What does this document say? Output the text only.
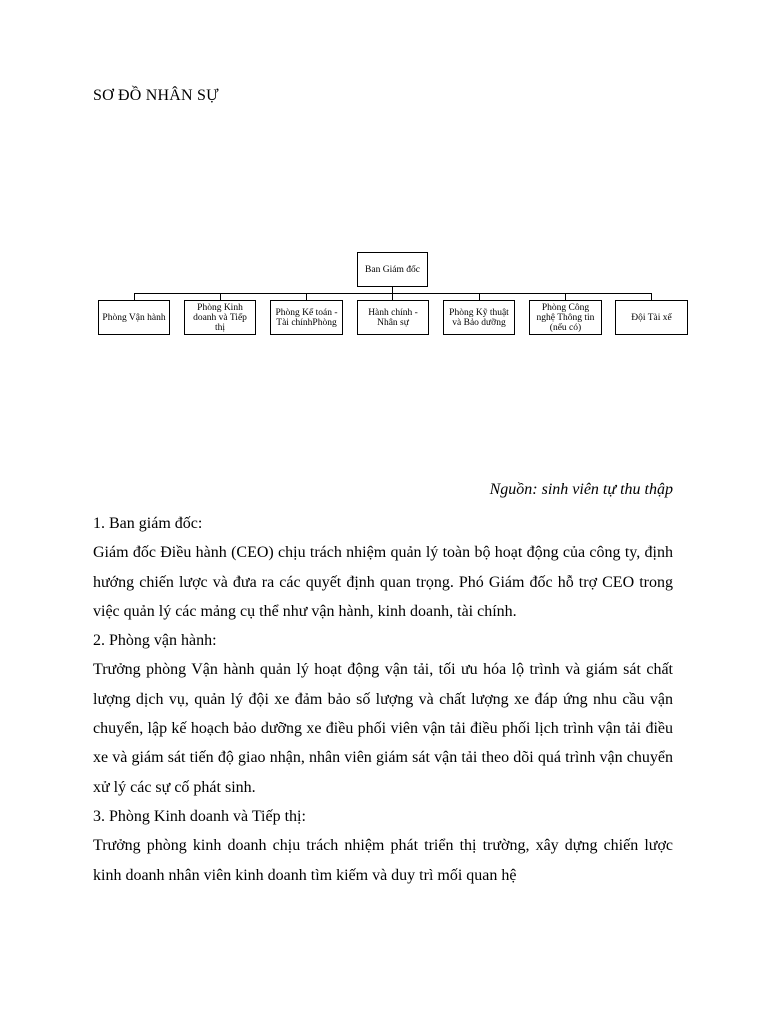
SƠ ĐỒ NHÂN SỰ
Ban Giám đốc
Phòng Vận hành
Phòng Kinh doanh và Tiếp thị
Phòng Kế toán - Tài chínhPhòng
Hành chính - Nhân sự
Phòng Kỹ thuật và Bảo dưỡng
Phòng Công nghệ Thông tin (nếu có)
Đội Tài xế
Nguồn: sinh viên tự thu thập

1. Ban giám đốc:

Giám đốc Điều hành (CEO) chịu trách nhiệm quản lý toàn bộ hoạt động của công ty, định hướng chiến lược và đưa ra các quyết định quan trọng. Phó Giám đốc hỗ trợ CEO trong việc quản lý các mảng cụ thể như vận hành, kinh doanh, tài chính.

2. Phòng vận hành:

Trưởng phòng Vận hành quản lý hoạt động vận tải, tối ưu hóa lộ trình và giám sát chất lượng dịch vụ, quản lý đội xe đảm bảo số lượng và chất lượng xe đáp ứng nhu cầu vận chuyển, lập kế hoạch bảo dưỡng xe điều phối viên vận tải điều phối lịch trình vận tải điều xe và giám sát tiến độ giao nhận, nhân viên giám sát vận tải theo dõi quá trình vận chuyển xử lý các sự cố phát sinh.

3. Phòng Kinh doanh và Tiếp thị:

Trưởng phòng kinh doanh chịu trách nhiệm phát triển thị trường, xây dựng chiến lược kinh doanh nhân viên kinh doanh tìm kiếm và duy trì mối quan hệ
